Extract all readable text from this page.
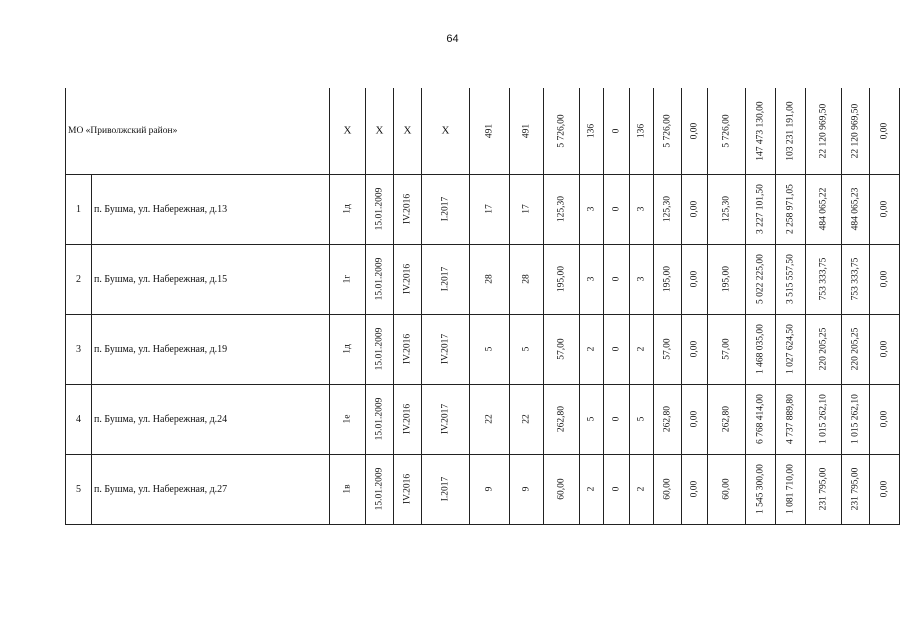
64
МО «Приволжский район»		Х	Х	Х	Х	491	491	5 726,00	136	0	136	5 726,00	0,00	5 726,00	147 473 130,00	103 231 191,00	22 120 969,50	22 120 969,50	0,00

1	п. Бушма, ул. Набережная, д.13	1д	15.01.2009	IV.2016	I.2017	17	17	125,30	3	0	3	125,30	0,00	125,30	3 227 101,50	2 258 971,05	484 065,22	484 065,23	0,00

2	п. Бушма, ул. Набережная, д.15	1г	15.01.2009	IV.2016	I.2017	28	28	195,00	3	0	3	195,00	0,00	195,00	5 022 225,00	3 515 557,50	753 333,75	753 333,75	0,00

3	п. Бушма, ул. Набережная, д.19	1д	15.01.2009	IV.2016	IV.2017	5	5	57,00	2	0	2	57,00	0,00	57,00	1 468 035,00	1 027 624,50	220 205,25	220 205,25	0,00

4	п. Бушма, ул. Набережная, д.24	1е	15.01.2009	IV.2016	IV.2017	22	22	262,80	5	0	5	262,80	0,00	262,80	6 768 414,00	4 737 889,80	1 015 262,10	1 015 262,10	0,00

5	п. Бушма, ул. Набережная, д.27	1в	15.01.2009	IV.2016	I.2017	9	9	60,00	2	0	2	60,00	0,00	60,00	1 545 300,00	1 081 710,00	231 795,00	231 795,00	0,00
